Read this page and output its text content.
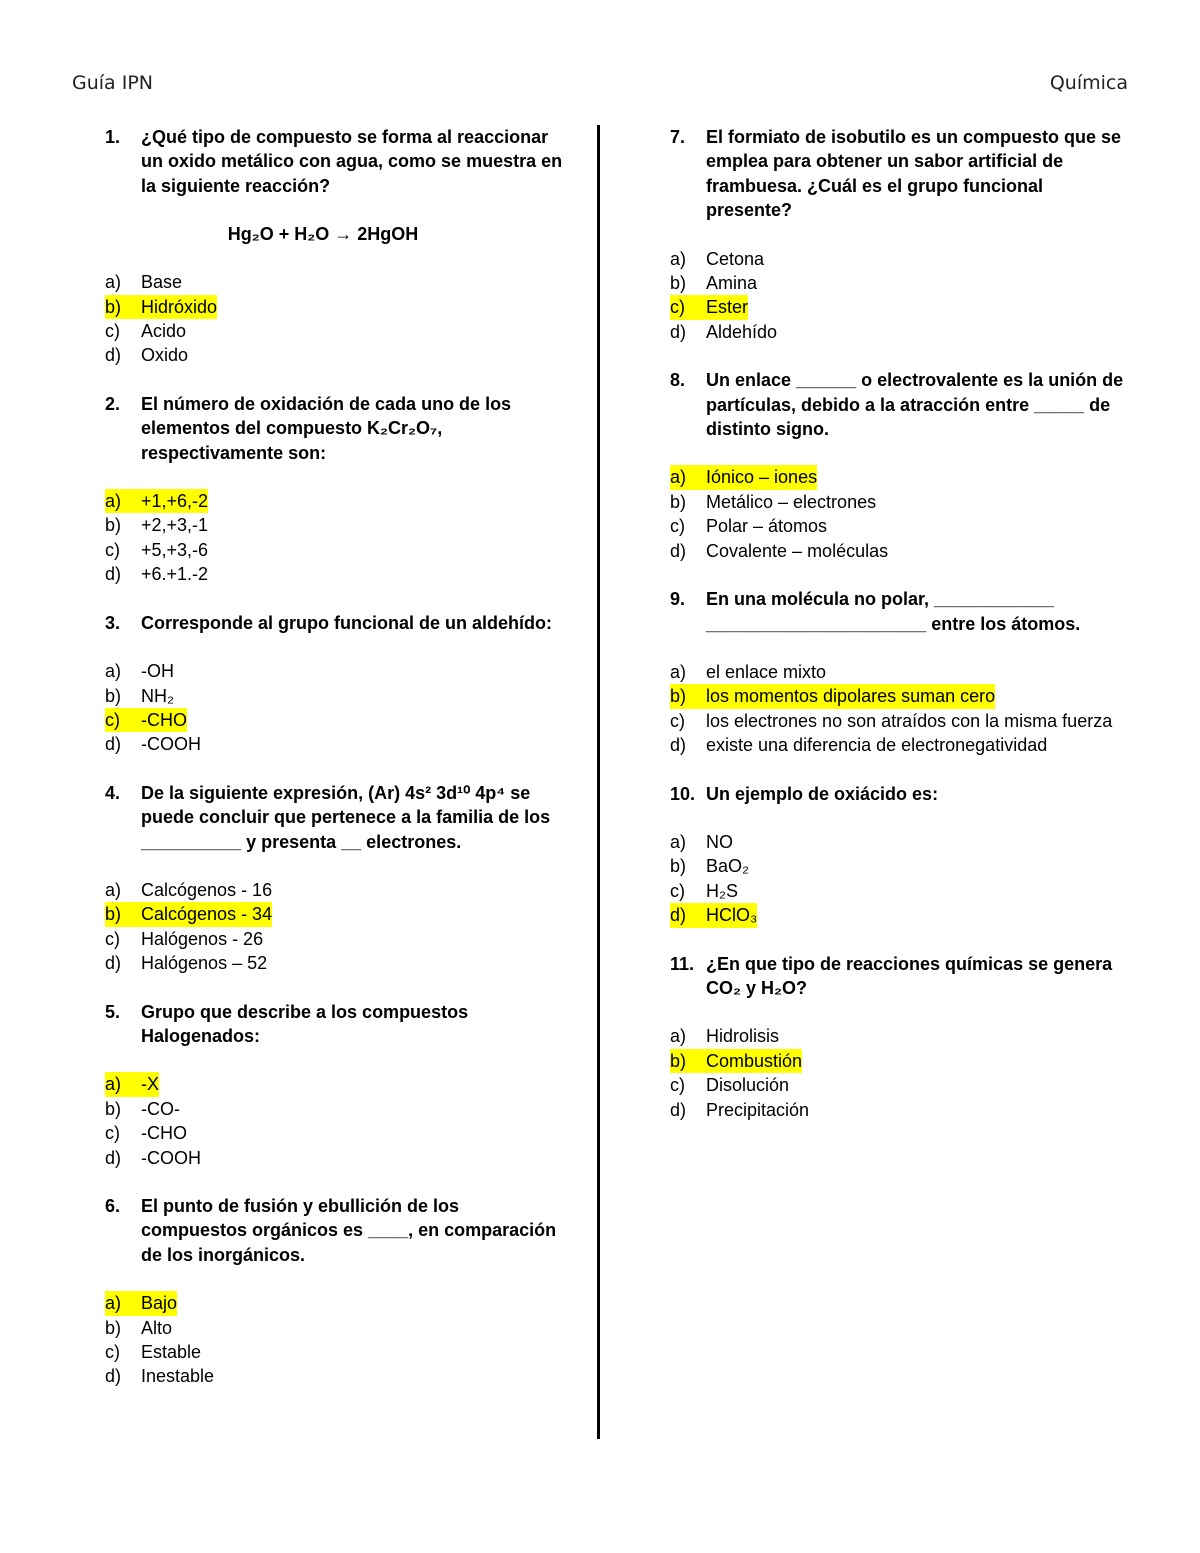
Guía IPN	Química
1.	¿Qué tipo de compuesto se forma al reaccionar un oxido metálico con agua, como se muestra en la siguiente reacción?
Hg₂O + H₂O → 2HgOH
a)	Base
b)	Hidróxido
c)	Acido
d)	Oxido
2.	El número de oxidación de cada uno de los elementos del compuesto K₂Cr₂O₇, respectivamente son:
a)	+1,+6,-2
b)	+2,+3,-1
c)	+5,+3,-6
d)	+6.+1.-2
3.	Corresponde al grupo funcional de un aldehído:
a)	-OH
b)	NH₂
c)	-CHO
d)	-COOH
4.	De la siguiente expresión, (Ar) 4s² 3d¹⁰ 4p⁴ se puede concluir que pertenece a la familia de los __________ y presenta __ electrones.
a)	Calcógenos - 16
b)	Calcógenos - 34
c)	Halógenos - 26
d)	Halógenos – 52
5.	Grupo que describe a los compuestos Halogenados:
a)	-X
b)	-CO-
c)	-CHO
d)	-COOH
6.	El punto de fusión y ebullición de los compuestos orgánicos es ____, en comparación de los inorgánicos.
a)	Bajo
b)	Alto
c)	Estable
d)	Inestable
7.	El formiato de isobutilo es un compuesto que se emplea para obtener un sabor artificial de frambuesa. ¿Cuál es el grupo funcional presente?
a)	Cetona
b)	Amina
c)	Ester
d)	Aldehído
8.	Un enlace ______ o electrovalente es la unión de partículas, debido a la atracción entre _____ de distinto signo.
a)	Iónico – iones
b)	Metálico – electrones
c)	Polar – átomos
d)	Covalente – moléculas
9.	En una molécula no polar, ____________ ______________________ entre los átomos.
a)	el enlace mixto
b)	los momentos dipolares suman cero
c)	los electrones no son atraídos con la misma fuerza
d)	existe una diferencia de electronegatividad
10. Un ejemplo de oxiácido es:
a)	NO
b)	BaO₂
c)	H₂S
d)	HClO₃
11. ¿En que tipo de reacciones químicas se genera CO₂ y H₂O?
a)	Hidrolisis
b)	Combustión
c)	Disolución
d)	Precipitación
